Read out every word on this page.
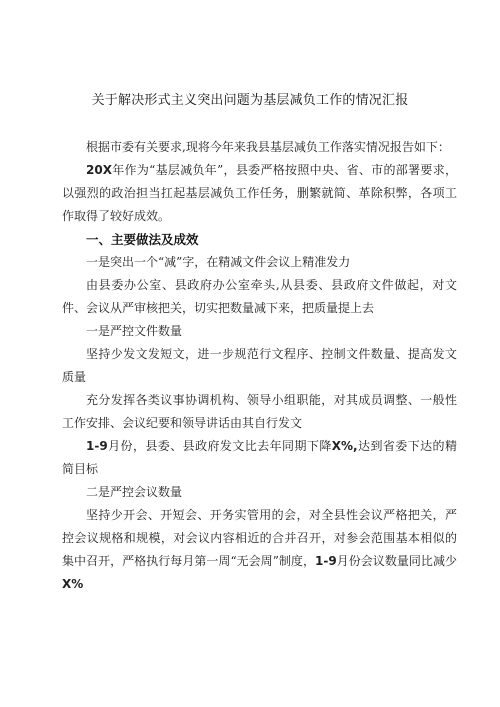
关于解决形式主义突出问题为基层减负工作的情况汇报

根据市委有关要求,现将今年来我县基层减负工作落实情况报告如下：

20X年作为“基层减负年”，县委严格按照中央、省、市的部署要求，以强烈的政治担当扛起基层减负工作任务，删繁就简、革除积弊，各项工作取得了较好成效。

一、主要做法及成效

一是突出一个“减”字，在精减文件会议上精准发力

由县委办公室、县政府办公室牵头,从县委、县政府文件做起，对文件、会议从严审核把关，切实把数量减下来，把质量提上去

一是严控文件数量

坚持少发文发短文，进一步规范行文程序、控制文件数量、提高发文质量

充分发挥各类议事协调机构、领导小组职能，对其成员调整、一般性工作安排、会议纪要和领导讲话由其自行发文

1-9月份，县委、县政府发文比去年同期下降X%,达到省委下达的精简目标

二是严控会议数量

坚持少开会、开短会、开务实管用的会，对全县性会议严格把关，严控会议规格和规模，对会议内容相近的合并召开，对参会范围基本相似的集中召开，严格执行每月第一周“无会周”制度，1-9月份会议数量同比减少X%
